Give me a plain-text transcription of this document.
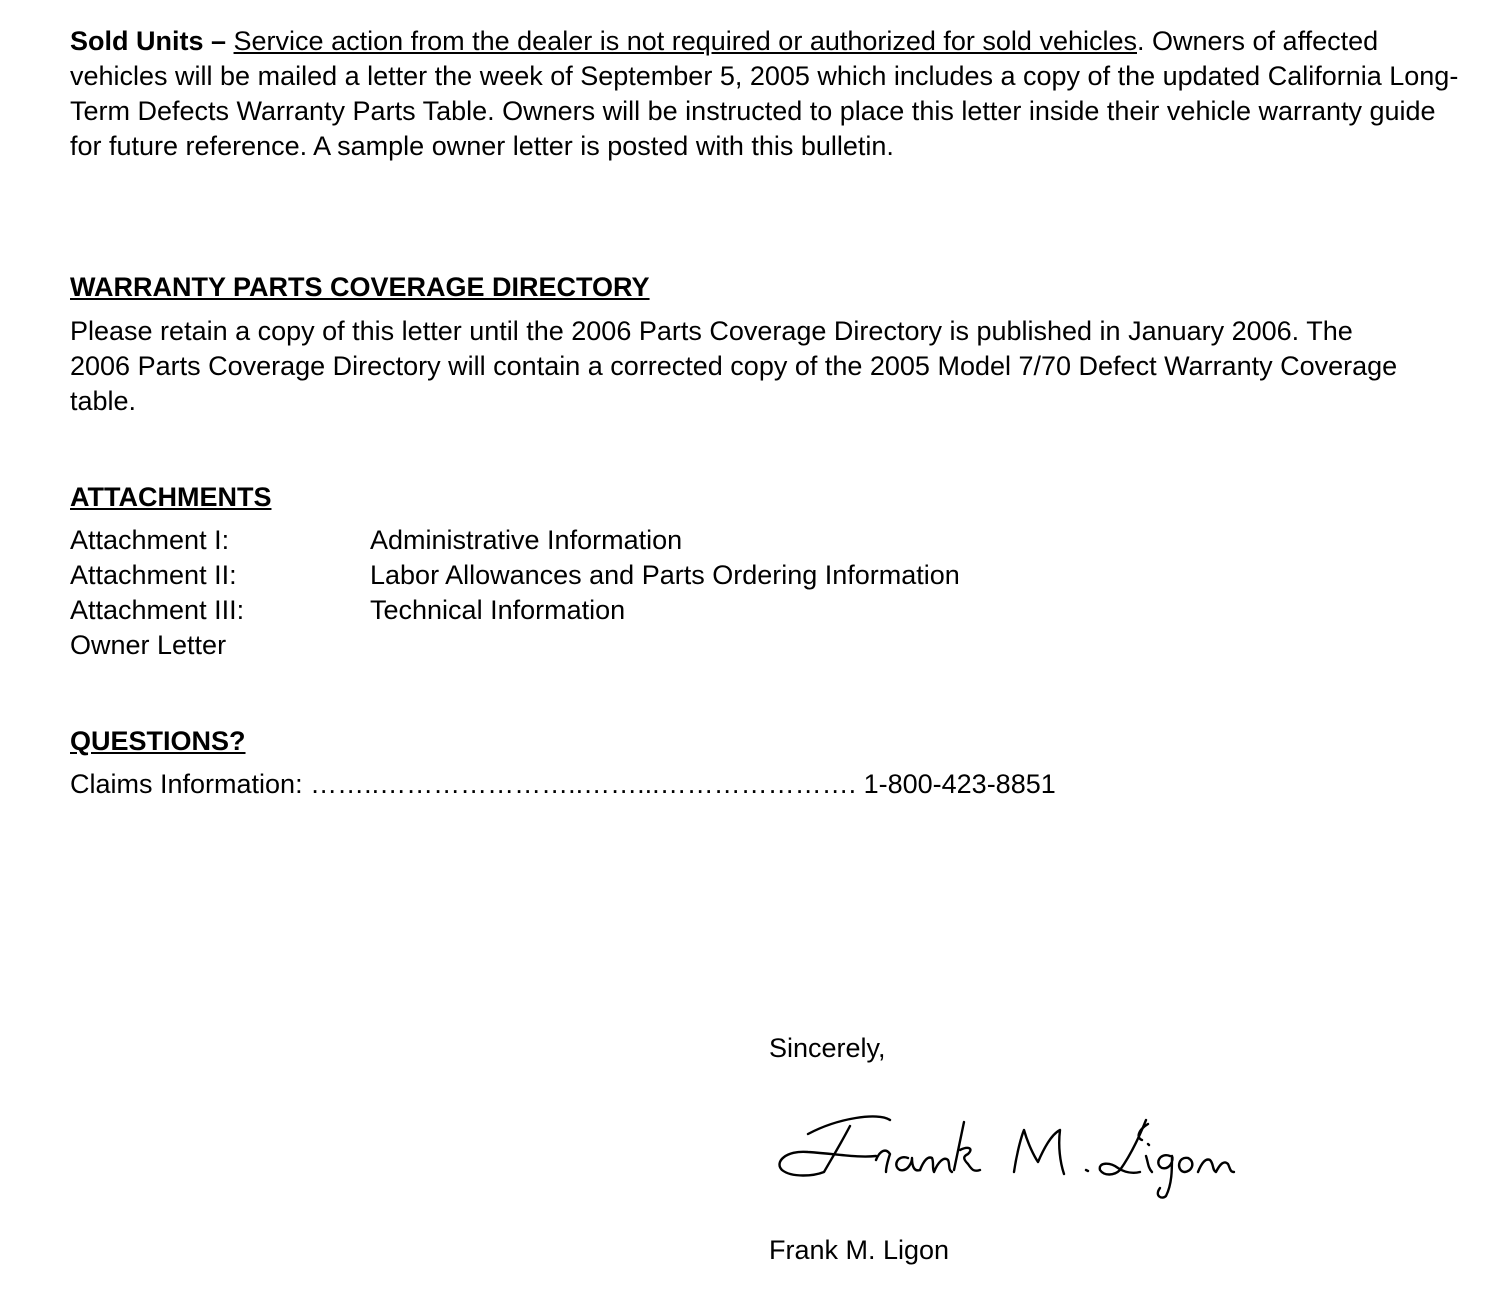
Sold Units – Service action from the dealer is not required or authorized for sold vehicles. Owners of affected vehicles will be mailed a letter the week of September 5, 2005 which includes a copy of the updated California Long-Term Defects Warranty Parts Table. Owners will be instructed to place this letter inside their vehicle warranty guide for future reference. A sample owner letter is posted with this bulletin.
WARRANTY PARTS COVERAGE DIRECTORY
Please retain a copy of this letter until the 2006 Parts Coverage Directory is published in January 2006. The 2006 Parts Coverage Directory will contain a corrected copy of the 2005 Model 7/70 Defect Warranty Coverage table.
ATTACHMENTS
Attachment I:	Administrative Information
Attachment II:	Labor Allowances and Parts Ordering Information
Attachment III:	Technical Information
Owner Letter
QUESTIONS?
Claims Information: ……..…………………..……...…………………. 1-800-423-8851
Sincerely,
Frank M. Ligon
